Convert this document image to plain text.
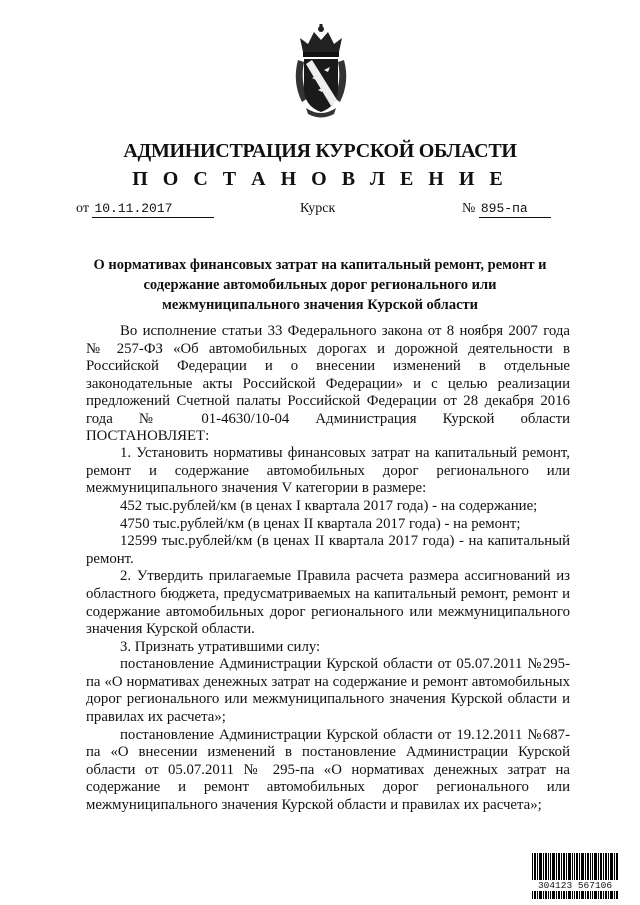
АДМИНИСТРАЦИЯ КУРСКОЙ ОБЛАСТИ
П О С Т А Н О В Л Е Н И Е
от 10.11.2017	Курск	№ 895-па
О нормативах финансовых затрат на капитальный ремонт, ремонт и
содержание автомобильных дорог регионального или
межмуниципального значения Курской области

Во исполнение статьи 33 Федерального закона от 8 ноября 2007 года № 257-ФЗ «Об автомобильных дорогах и дорожной деятельности в Российской Федерации и о внесении изменений в отдельные законодательные акты Российской Федерации» и с целью реализации предложений Счетной палаты Российской Федерации от 28 декабря 2016 года № 01-4630/10-04 Администрация Курской области

ПОСТАНОВЛЯЕТ:

1. Установить нормативы финансовых затрат на капитальный ремонт, ремонт и содержание автомобильных дорог регионального или межмуниципального значения V категории в размере:

452 тыс.рублей/км (в ценах I квартала 2017 года) - на содержание;

4750 тыс.рублей/км (в ценах II квартала 2017 года) - на ремонт;

12599 тыс.рублей/км (в ценах II квартала 2017 года) - на капитальный ремонт.

2. Утвердить прилагаемые Правила расчета размера ассигнований из областного бюджета, предусматриваемых на капитальный ремонт, ремонт и содержание автомобильных дорог регионального или межмуниципального значения Курской области.

3. Признать утратившими силу:

постановление Администрации Курской области от 05.07.2011 №295-па «О нормативах денежных затрат на содержание и ремонт автомобильных дорог регионального или межмуниципального значения Курской области и правилах их расчета»;

постановление Администрации Курской области от 19.12.2011 №687-па «О внесении изменений в постановление Администрации Курской области от 05.07.2011 № 295-па «О нормативах денежных затрат на содержание и ремонт автомобильных дорог регионального или межмуниципального значения Курской области и правилах их расчета»;

304123 567106
